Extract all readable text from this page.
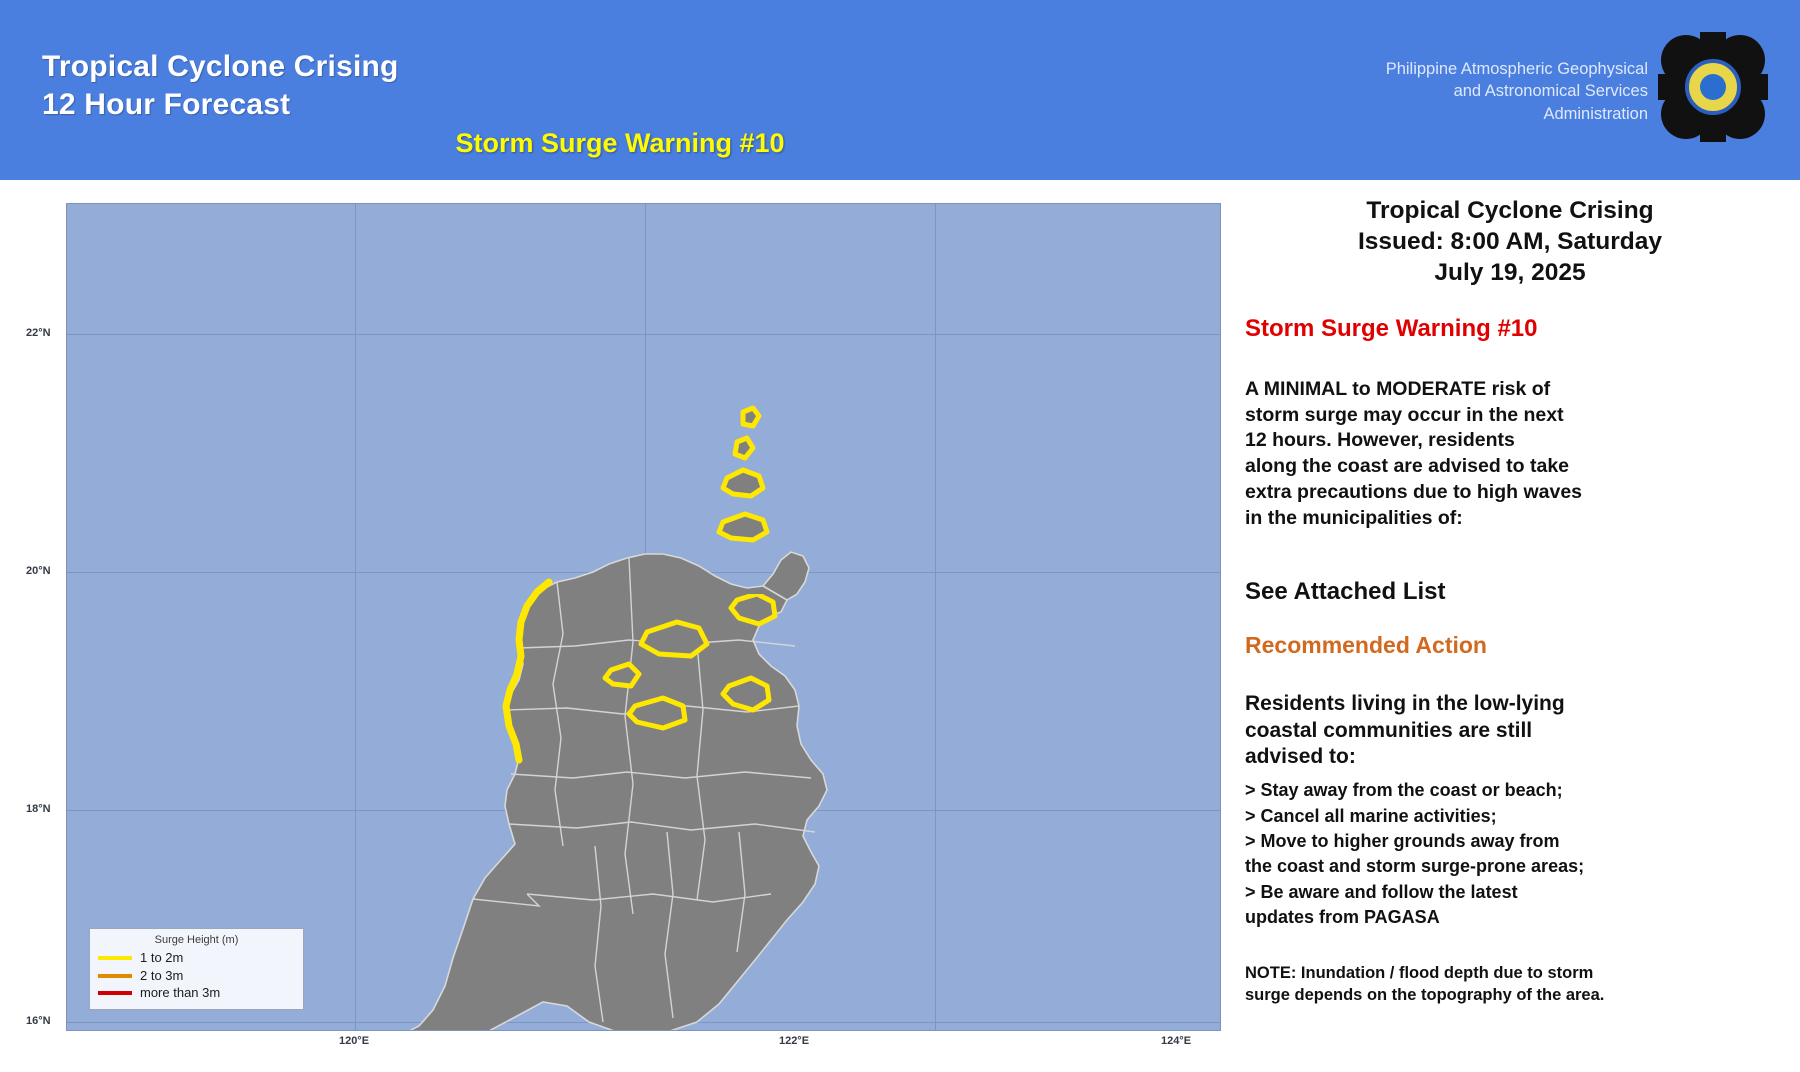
Tropical Cyclone Crising
12 Hour Forecast
Storm Surge Warning #10
Philippine Atmospheric Geophysical
and Astronomical Services
Administration
Surge Height (m)
1 to 2m
2 to 3m
more than 3m
22°N
20°N
18°N
16°N
120°E	122°E	124°E
Tropical Cyclone Crising
Issued: 8:00 AM, Saturday
July 19, 2025
Storm Surge Warning #10
A MINIMAL to MODERATE risk of
storm surge may occur in the next
12 hours. However, residents
along the coast are advised to take
extra precautions due to high waves
in the municipalities of:
See Attached List
Recommended Action
Residents living in the low-lying
coastal communities are still
advised to:
> Stay away from the coast or beach;
> Cancel all marine activities;
> Move to higher grounds away from
the coast and storm surge-prone areas;
> Be aware and follow the latest
updates from PAGASA
NOTE: Inundation / flood depth due to storm
surge depends on the topography of the area.
